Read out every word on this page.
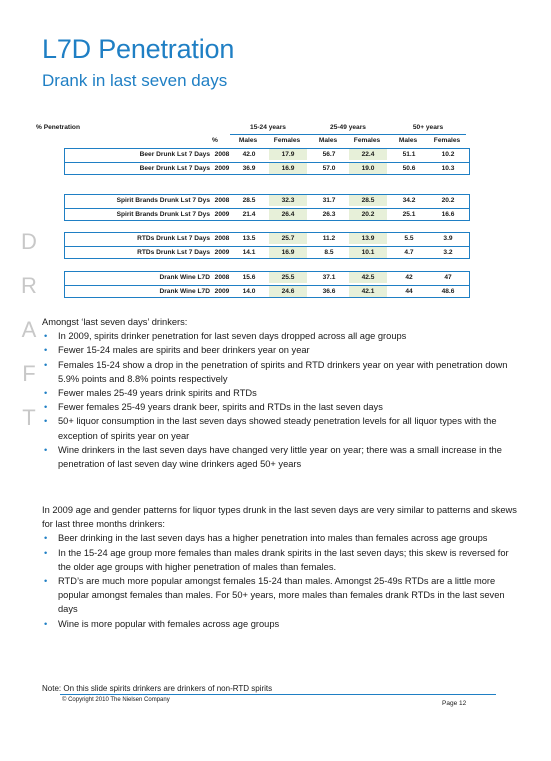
L7D Penetration
Drank in last seven days
D
R
A
F
T
% Penetration
%
15-24 years	25-49 years	50+ years
Males	Females	Males	Females	Males	Females
Beer Drunk Lst 7 Days 2008	42.0	17.9	56.7	22.4	51.1	10.2
Beer Drunk Lst 7 Days 2009	36.9	16.9	57.0	19.0	50.6	10.3
Spirit Brands Drunk Lst 7 Dys 2008	28.5	32.3	31.7	28.5	34.2	20.2
Spirit Brands Drunk Lst 7 Dys 2009	21.4	26.4	26.3	20.2	25.1	16.6
RTDs Drunk Lst 7 Days 2008	13.5	25.7	11.2	13.9	5.5	3.9
RTDs Drunk Lst 7 Days 2009	14.1	16.9	8.5	10.1	4.7	3.2
Drank Wine L7D 2008	15.6	25.5	37.1	42.5	42	47
Drank Wine L7D 2009	14.0	24.6	36.6	42.1	44	48.6

Amongst ‘last seven days’ drinkers:

• In 2009, spirits drinker penetration for last seven days dropped across all age groups

• Fewer 15-24 males are spirits and beer drinkers year on year

• Females 15-24 show a drop in the penetration of spirits and RTD drinkers year on year with penetration down 5.9% points and 8.8% points respectively

• Fewer males 25-49 years drink spirits and RTDs

• Fewer females 25-49 years drank beer, spirits and RTDs in the last seven days

• 50+ liquor consumption in the last seven days showed steady penetration levels for all liquor types with the exception of spirits year on year

• Wine drinkers in the last seven days have changed very little year on year; there was a small increase in the penetration of last seven day wine drinkers aged 50+ years

In 2009 age and gender patterns for liquor types drunk in the last seven days are very similar to patterns and skews for last three months drinkers:

• Beer drinking in the last seven days has a higher penetration into males than females across age groups

• In the 15-24 age group more females than males drank spirits in the last seven days; this skew is reversed for the older age groups with higher penetration of males than females.

• RTD’s are much more popular amongst females 15-24 than males. Amongst 25-49s RTDs are a little more popular amongst females than males. For 50+ years, more males than females drank RTDs in the last seven days

• Wine is more popular with females across age groups

Note: On this slide spirits drinkers are drinkers of non-RTD spirits
© Copyright 2010 The Nielsen Company	Page 12
